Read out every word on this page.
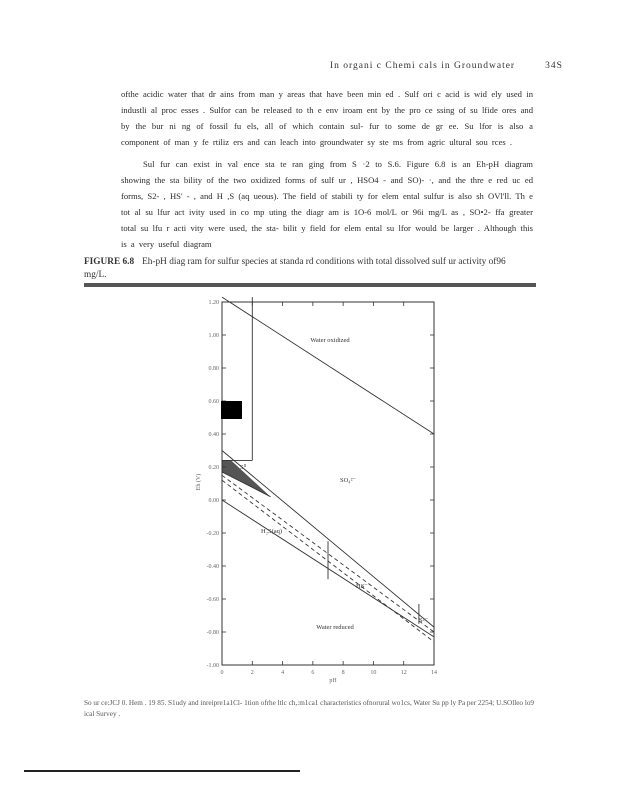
In organi c Chemi cals in Groundwater	34S

ofthe acidic water that dr ains from man y areas that have been min ed . Sulf ori c acid is wid ely used in industli al proc esses . Sulfor can be released to th e env iroam ent by the pro ce ssing of su lfide ores and by the bur ni ng of fossil fu els, all of which contain sul- fur to some de gr ee. Su lfor is also a component of man y fe rtiliz ers and can leach into groundwater sy ste ms from agric ultural sou rces .

Sul fur can exist in val ence sta te ran ging from S ·2 to S.6. Figure 6.8 is an Eh-pH diagram showing the sta bility of the two oxidized forms of sulf ur , HSO4 - and SO)- ·, and the thre e red uc ed forms, S2- , HS' - , and H ,S (aq ueous). The field of stabili ty for elem ental sulfur is also sh OVl'll. Th e tot al su lfur act ivity used in co mp uting the diagr am is 1O-6 mol/L or 96i mg/L as , SO•2- ffa greater total su lfu r acti vity were used, the sta- bilit y field for elem ental su lfor would be larger . Although this is a very useful diagram

FIGURE 6.8 Eh-pH diag ram for sulfur species at standa rd conditions with total dissolved sulf ur activity of96 mg/L.
0	2	4	6	8	10	12	14
1.20
1.00
0.80
0.60
0.40
0.20
0.00
-0.20
-0.40
-0.60
-0.80
-1.00
Water oxidized
Water reduced
S⁰
SO₄²⁻
H₂S(aq)
HS⁻
S²⁻
pH
Eh (V)
So ur ce:JCJ 0. Hem . 19 85. S1udy and inreipre1a1Cl- 1tion ofrhe ltlc ch,:m1ca1 characteristics ofnorural wo1cs, Water Su pp ly Pa per 2254; U.SOlleo lo9 ical Survey .
